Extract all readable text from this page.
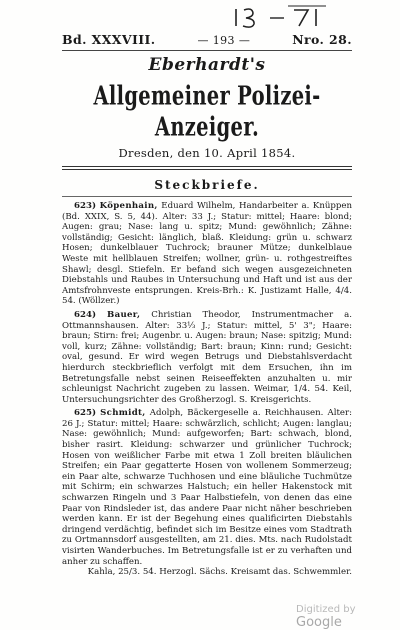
Bd. XXXVIII.	— 193 —	Nro. 28.
Eberhardt's
Allgemeiner Polizei-Anzeiger.
Dresden, den 10. April 1854.
Steckbriefe.

623) Köpenhain, Eduard Wilhelm, Handarbeiter a. Knüppen (Bd. XXIX, S. 5, 44). Alter: 33 J.; Statur: mittel; Haare: blond; Augen: grau; Nase: lang u. spitz; Mund: gewöhnlich; Zähne: vollständig; Gesicht: länglich, blaß. Kleidung: grün u. schwarz Hosen; dunkelblauer Tuchrock; brauner Mütze; dunkelblaue Weste mit hellblauen Streifen; wollner, grün- u. rothgestreiftes Shawl; desgl. Stiefeln. Er befand sich wegen ausgezeichneten Diebstahls und Raubes in Untersuchung und Haft und ist aus der Amtsfrohnveste entsprungen. Kreis-Brh.: K. Justizamt Halle, 4/4. 54. (Wöllzer.)

624) Bauer, Christian Theodor, Instrumentmacher a. Ottmannshausen. Alter: 33⅓ J.; Statur: mittel, 5' 3"; Haare: braun; Stirn: frei; Augenbr. u. Augen: braun; Nase: spitzig; Mund: voll, kurz; Zähne: vollständig; Bart: braun; Kinn: rund; Gesicht: oval, gesund. Er wird wegen Betrugs und Diebstahlsverdacht hierdurch steckbrieflich verfolgt mit dem Ersuchen, ihn im Betretungsfalle nebst seinen Reiseeffekten anzuhalten u. mir schleunigst Nachricht zugeben zu lassen. Weimar, 1/4. 54. Keil, Untersuchungsrichter des Großherzogl. S. Kreisgerichts.

625) Schmidt, Adolph, Bäckergeselle a. Reichhausen. Alter: 26 J.; Statur: mittel; Haare: schwärzlich, schlicht; Augen: langlau; Nase: gewöhnlich; Mund: aufgeworfen; Bart: schwach, blond, bisher rasirt. Kleidung: schwarzer und grünlicher Tuchrock; Hosen von weißlicher Farbe mit etwa 1 Zoll breiten bläulichen Streifen; ein Paar gegatterte Hosen von wollenem Sommerzeug; ein Paar alte, schwarze Tuchhosen und eine bläuliche Tuchmütze mit Schirm; ein schwarzes Halstuch; ein heller Hakenstock mit schwarzen Ringeln und 3 Paar Halbstiefeln, von denen das eine Paar von Rindsleder ist, das andere Paar nicht näher beschrieben werden kann. Er ist der Begehung eines qualificirten Diebstahls dringend verdächtig, befindet sich im Besitze eines vom Stadtrath zu Ortmannsdorf ausgestellten, am 21. dies. Mts. nach Rudolstadt visirten Wanderbuches. Im Betretungsfalle ist er zu verhaften und anher zu schaffen.
Kahla, 25/3. 54. Herzogl. Sächs. Kreisamt das. Schwemmler.

Digitized by Google
